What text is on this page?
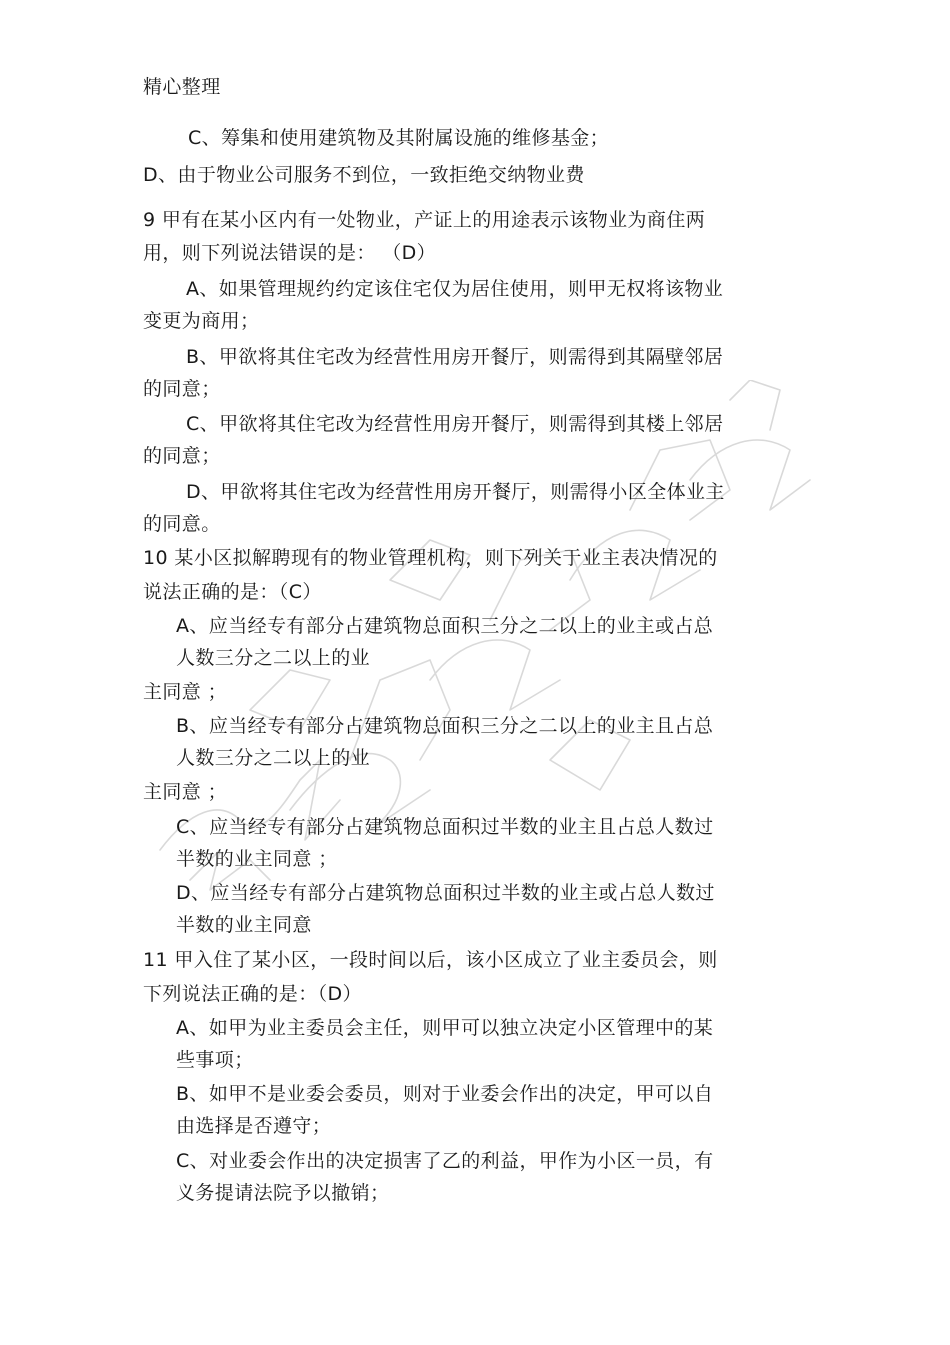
精心整理
C、筹集和使用建筑物及其附属设施的维修基金；
D、由于物业公司服务不到位，一致拒绝交纳物业费
9 甲有在某小区内有一处物业，产证上的用途表示该物业为商住两
用，则下列说法错误的是： （D）
A、如果管理规约约定该住宅仅为居住使用，则甲无权将该物业
变更为商用；
B、甲欲将其住宅改为经营性用房开餐厅，则需得到其隔壁邻居
的同意；
C、甲欲将其住宅改为经营性用房开餐厅，则需得到其楼上邻居
的同意；
D、甲欲将其住宅改为经营性用房开餐厅，则需得小区全体业主
的同意。
10 某小区拟解聘现有的物业管理机构，则下列关于业主表决情况的
说法正确的是：（C）
A、应当经专有部分占建筑物总面积三分之二以上的业主或占总
人数三分之二以上的业
主同意 ；
B、应当经专有部分占建筑物总面积三分之二以上的业主且占总
人数三分之二以上的业
主同意 ；
C、应当经专有部分占建筑物总面积过半数的业主且占总人数过
半数的业主同意 ；
D、应当经专有部分占建筑物总面积过半数的业主或占总人数过
半数的业主同意
11 甲入住了某小区，一段时间以后，该小区成立了业主委员会，则
下列说法正确的是：（D）
A、如甲为业主委员会主任，则甲可以独立决定小区管理中的某
些事项；
B、如甲不是业委会委员，则对于业委会作出的决定，甲可以自
由选择是否遵守；
C、对业委会作出的决定损害了乙的利益，甲作为小区一员，有
义务提请法院予以撤销；
